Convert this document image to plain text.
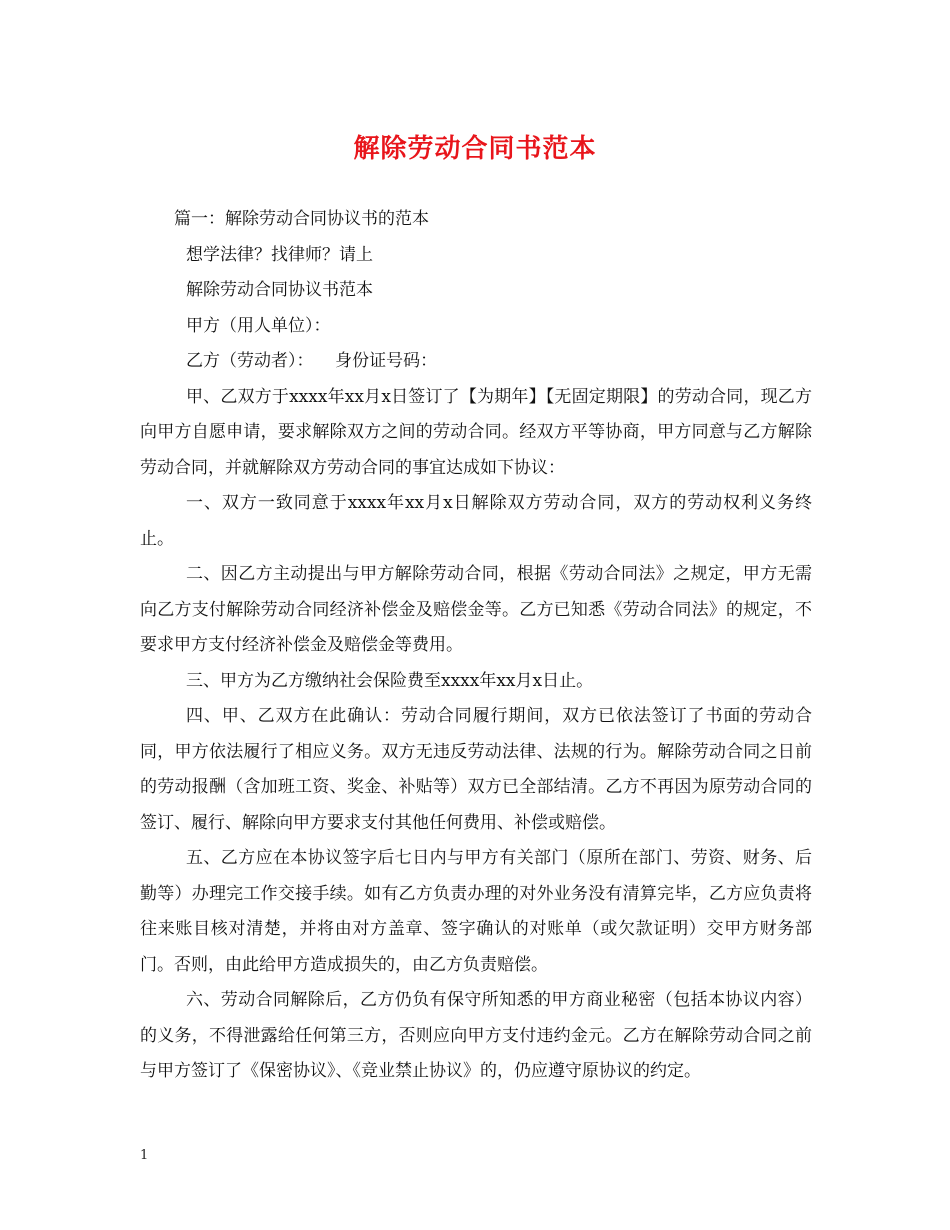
解除劳动合同书范本

篇一：解除劳动合同协议书的范本

想学法律？找律师？请上

解除劳动合同协议书范本

甲方（用人单位）：

乙方（劳动者）：    身份证号码：

甲、乙双方于xxxx年xx月x日签订了【为期年】【无固定期限】的劳动合同，现乙方向甲方自愿申请，要求解除双方之间的劳动合同。经双方平等协商，甲方同意与乙方解除劳动合同，并就解除双方劳动合同的事宜达成如下协议：

一、双方一致同意于xxxx年xx月x日解除双方劳动合同，双方的劳动权利义务终止。

二、因乙方主动提出与甲方解除劳动合同，根据《劳动合同法》之规定，甲方无需向乙方支付解除劳动合同经济补偿金及赔偿金等。乙方已知悉《劳动合同法》的规定，不要求甲方支付经济补偿金及赔偿金等费用。

三、甲方为乙方缴纳社会保险费至xxxx年xx月x日止。

四、甲、乙双方在此确认：劳动合同履行期间，双方已依法签订了书面的劳动合同，甲方依法履行了相应义务。双方无违反劳动法律、法规的行为。解除劳动合同之日前的劳动报酬（含加班工资、奖金、补贴等）双方已全部结清。乙方不再因为原劳动合同的签订、履行、解除向甲方要求支付其他任何费用、补偿或赔偿。

五、乙方应在本协议签字后七日内与甲方有关部门（原所在部门、劳资、财务、后勤等）办理完工作交接手续。如有乙方负责办理的对外业务没有清算完毕，乙方应负责将往来账目核对清楚，并将由对方盖章、签字确认的对账单（或欠款证明）交甲方财务部门。否则，由此给甲方造成损失的，由乙方负责赔偿。

六、劳动合同解除后，乙方仍负有保守所知悉的甲方商业秘密（包括本协议内容）的义务，不得泄露给任何第三方，否则应向甲方支付违约金元。乙方在解除劳动合同之前与甲方签订了《保密协议》、《竞业禁止协议》的，仍应遵守原协议的约定。

1
